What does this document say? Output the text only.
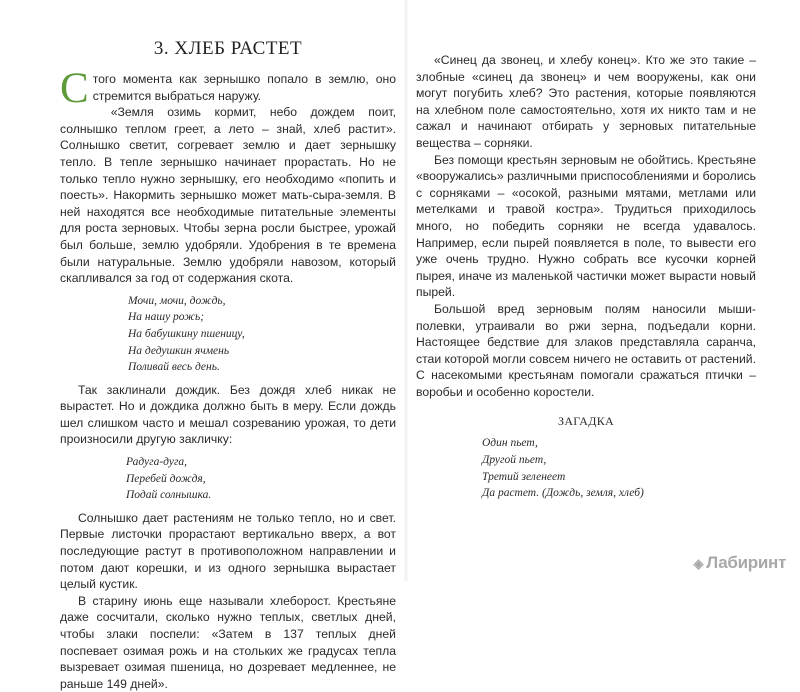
3. ХЛЕБ РАСТЕТ

Стого момента как зернышко попало в землю, оно стремится выбраться наружу.

«Земля озимь кормит, небо дождем поит, солнышко теплом греет, а лето – знай, хлеб растит». Солнышко светит, согревает землю и дает зернышку тепло. В тепле зернышко начинает прорастать. Но не только тепло нужно зернышку, его необходимо «попить и поесть». Накормить зернышко может мать-сыра-земля. В ней находятся все необходимые питательные элементы для роста зерновых. Чтобы зерна росли быстрее, урожай был больше, землю удобряли. Удобрения в те времена были натуральные. Землю удобряли навозом, который скапливался за год от содержания скота.

Мочи, мочи, дождь,
На нашу рожь;
На бабушкину пшеницу,
На дедушкин ячмень
Поливай весь день.

Так заклинали дождик. Без дождя хлеб никак не вырастет. Но и дождика должно быть в меру. Если дождь шел слишком часто и мешал созреванию урожая, то дети произносили другую закличку:

Радуга-дуга,
Перебей дождя,
Подай солнышка.

Солнышко дает растениям не только тепло, но и свет. Первые листочки прорастают вертикально вверх, а вот последующие растут в противоположном направлении и потом дают корешки, и из одного зернышка вырастает целый кустик.

В старину июнь еще называли хлеборост. Крестьяне даже сосчитали, сколько нужно теплых, светлых дней, чтобы злаки поспели: «Затем в 137 теплых дней поспевает озимая рожь и на стольких же градусах тепла вызревает озимая пшеница, но дозревает медленнее, не раньше 149 дней».

«Синец да звонец, и хлебу конец». Кто же это такие – злобные «синец да звонец» и чем вооружены, как они могут погубить хлеб? Это растения, которые появляются на хлебном поле самостоятельно, хотя их никто там и не сажал и начинают отбирать у зерновых питательные вещества – сорняки.

Без помощи крестьян зерновым не обойтись. Крестьяне «вооружались» различными приспособлениями и боролись с сорняками – «осокой, разными мятами, метлами или метелками и травой костра». Трудиться приходилось много, но победить сорняки не всегда удавалось. Например, если пырей появляется в поле, то вывести его уже очень трудно. Нужно собрать все кусочки корней пырея, иначе из маленькой частички может вырасти новый пырей.

Большой вред зерновым полям наносили мыши-полевки, утраивали во ржи зерна, подъедали корни. Настоящее бедствие для злаков представляла саранча, стаи которой могли совсем ничего не оставить от растений. С насекомыми крестьянам помогали сражаться птички – воробьи и особенно коростели.

ЗАГАДКА
Один пьет,
Другой пьет,
Третий зеленеет
Да растет. (Дождь, земля, хлеб)
◈ Лабиринт
